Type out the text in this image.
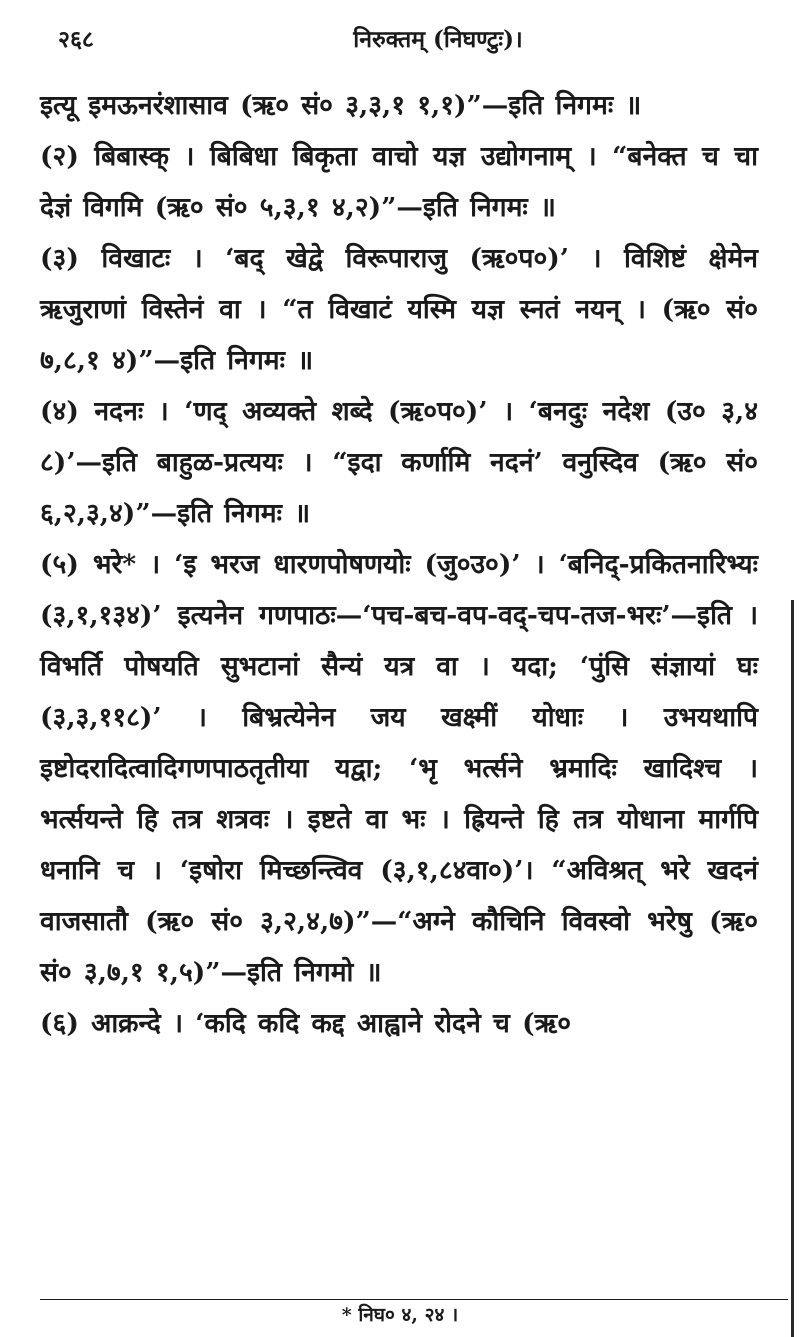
२६८	निरुक्तम् (निघण्टुः)।

इत्यू इमऊनरंशासाव (ऋ० सं० ३,३,१ १,१)”—इति निगमः ॥

(२) बिबास्क् । बिबिधा बिकृता वाचो यज्ञ उद्योगनाम् । “बनेक्त च चा देज्ञं विगमि (ऋ० सं० ५,३,१ ४,२)”—इति निगमः ॥

(३) विखाटः । ‘बद् खेद्वे विरूपाराजु (ऋ०प०)’ । विशिष्टं क्षेमेन ऋजुराणां विस्तेनं वा । “त विखाटं यस्मि यज्ञ स्नतं नयन् । (ऋ० सं० ७,८,१ ४)”—इति निगमः ॥

(४) नदनः । ‘णद् अव्यक्ते शब्दे (ऋ०प०)’ । ‘बनदुः नदेश (उ० ३,४ ८)’—इति बाहुळ-प्रत्ययः । “इदा कर्णामि नदनं’ वनुस्दिव (ऋ० सं० ६,२,३,४)”—इति निगमः ॥

(५) भरे* । ‘इ भरज धारणपोषणयोः (जु०उ०)’ । ‘बनिद्-प्रकितनारिभ्यः (३,१,१३४)’ इत्यनेन गणपाठः—‘पच-बच-वप-वद्-चप-तज-भरः’—इति । विभर्ति पोषयति सुभटानां सैन्यं यत्र वा । यदा; ‘पुंसि संज्ञायां घः (३,३,११८)’ । बिभ्रत्येनेन जय खक्ष्मीं योधाः । उभयथापि इष्टोदरादित्वादिगणपाठतृतीया यद्वा; ‘भृ भर्त्सने भ्रमादिः खादिश्च । भर्त्सयन्ते हि तत्र शत्रवः । इष्टते वा भः । ह्रियन्ते हि तत्र योधाना मार्गपि धनानि च । ‘इषोरा मिच्छन्त्विव (३,१,८४वा०)’। “अविश्रत् भरे खदनं वाजसातौ (ऋ० सं० ३,२,४,७)”—“अग्ने कौचिनि विवस्वो भरेषु (ऋ० सं० ३,७,१ १,५)”—इति निगमो ॥

(६) आक्रन्दे । ‘कदि कदि कद्द आह्वाने रोदने च (ऋ०

* निघ० ४, २४ ।
